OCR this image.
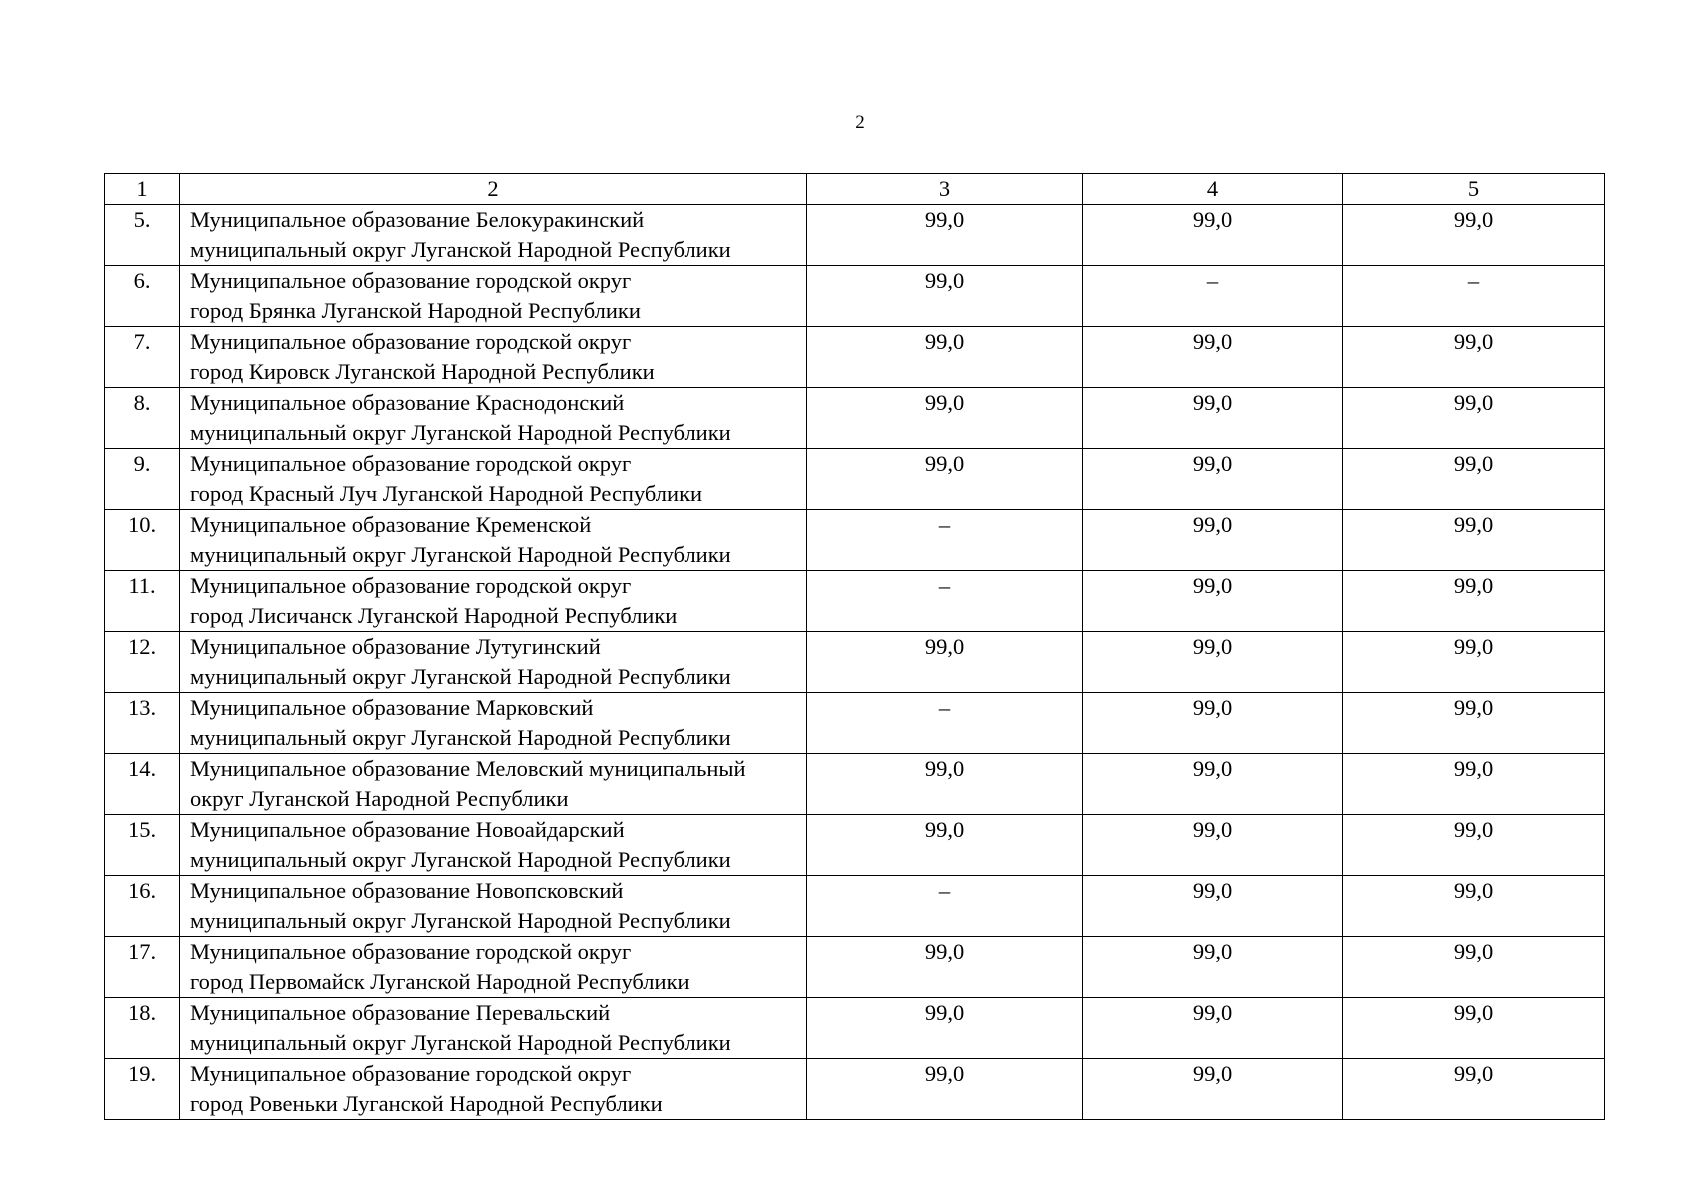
2
1	2	3	4	5
5.	Муниципальное образование Белокуракинский
муниципальный округ Луганской Народной Республики	99,0	99,0	99,0
6.	Муниципальное образование городской округ
город Брянка Луганской Народной Республики	99,0	–	–
7.	Муниципальное образование городской округ
город Кировск Луганской Народной Республики	99,0	99,0	99,0
8.	Муниципальное образование Краснодонский
муниципальный округ Луганской Народной Республики	99,0	99,0	99,0
9.	Муниципальное образование городской округ
город Красный Луч Луганской Народной Республики	99,0	99,0	99,0
10.	Муниципальное образование Кременской
муниципальный округ Луганской Народной Республики	–	99,0	99,0
11.	Муниципальное образование городской округ
город Лисичанск Луганской Народной Республики	–	99,0	99,0
12.	Муниципальное образование Лутугинский
муниципальный округ Луганской Народной Республики	99,0	99,0	99,0
13.	Муниципальное образование Марковский
муниципальный округ Луганской Народной Республики	–	99,0	99,0
14.	Муниципальное образование Меловский муниципальный
округ Луганской Народной Республики	99,0	99,0	99,0
15.	Муниципальное образование Новоайдарский
муниципальный округ Луганской Народной Республики	99,0	99,0	99,0
16.	Муниципальное образование Новопсковский
муниципальный округ Луганской Народной Республики	–	99,0	99,0
17.	Муниципальное образование городской округ
город Первомайск Луганской Народной Республики	99,0	99,0	99,0
18.	Муниципальное образование Перевальский
муниципальный округ Луганской Народной Республики	99,0	99,0	99,0
19.	Муниципальное образование городской округ
город Ровеньки Луганской Народной Республики	99,0	99,0	99,0
